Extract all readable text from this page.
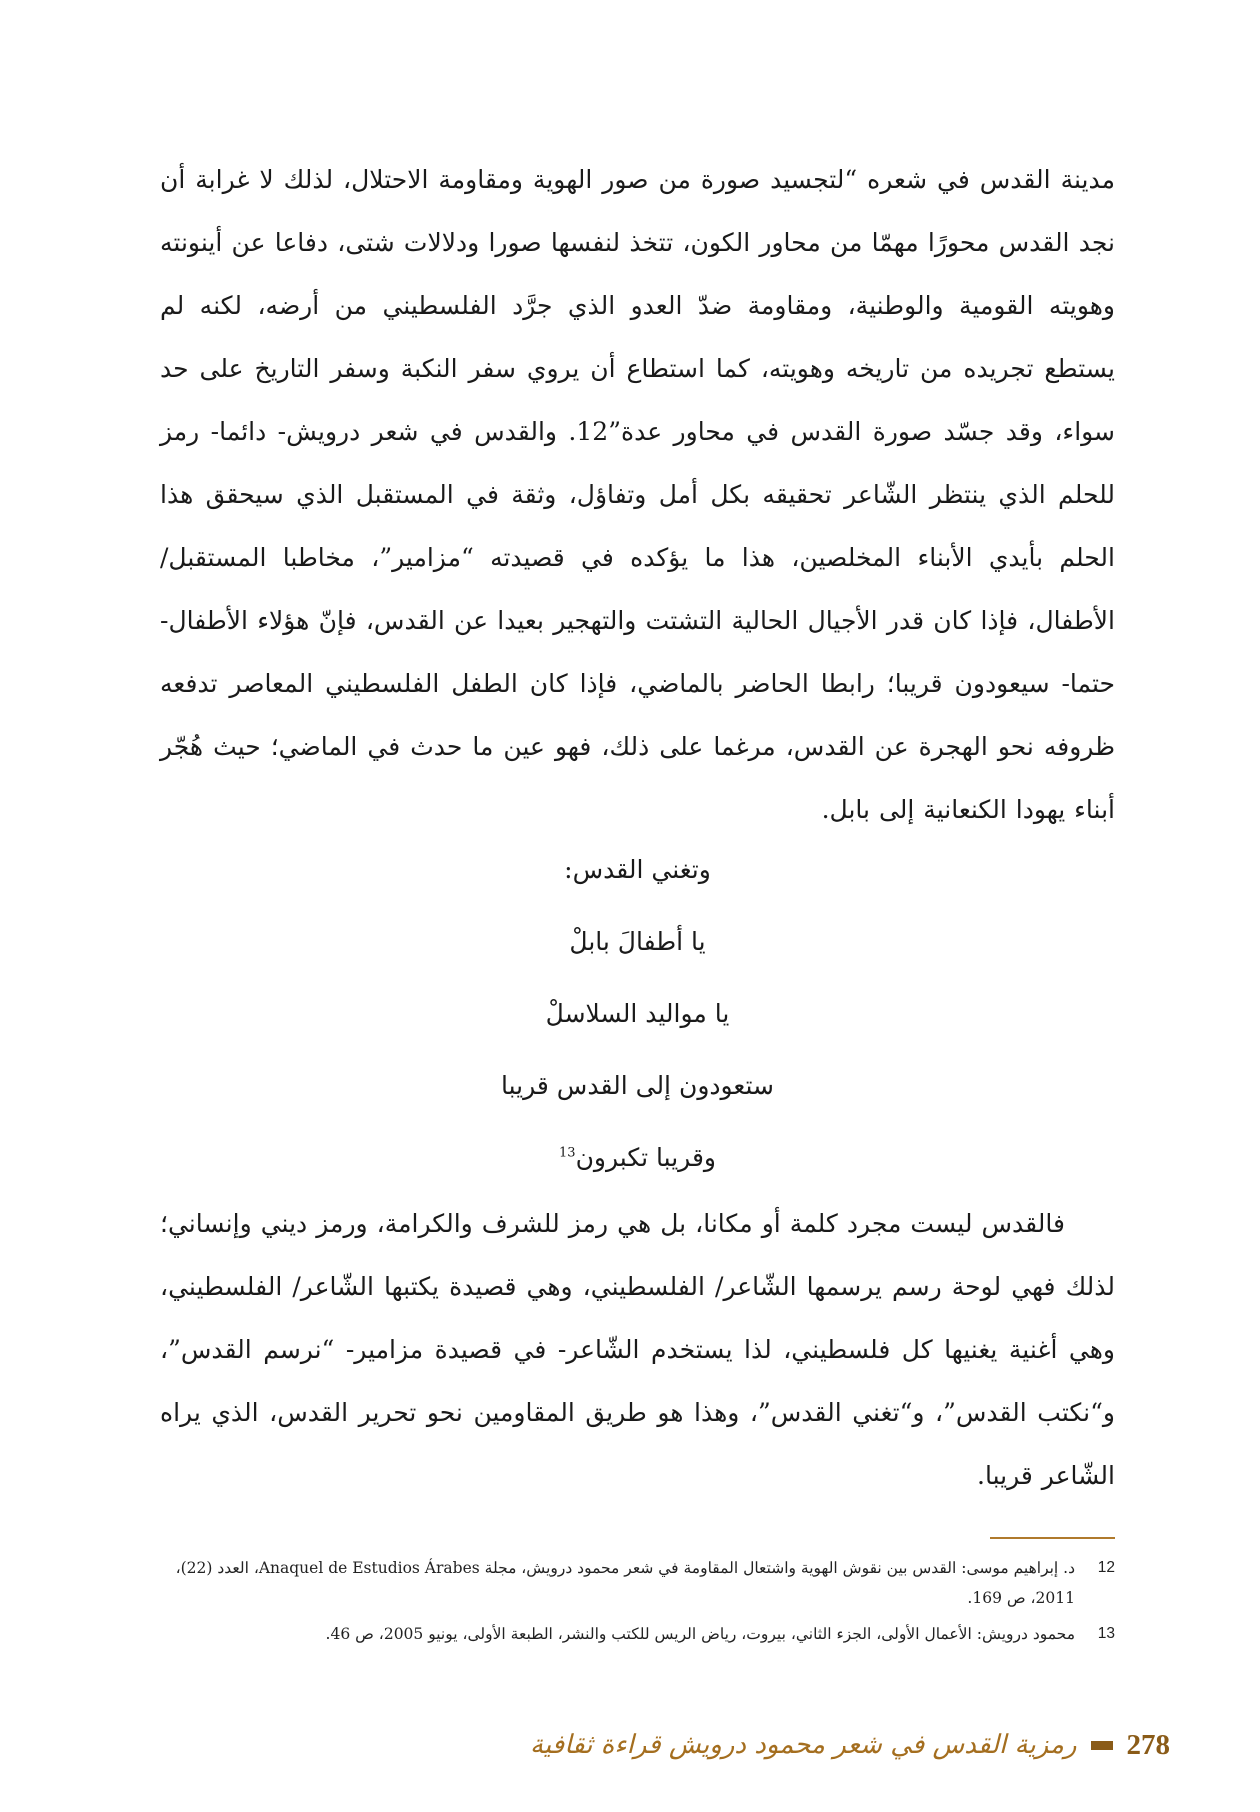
مدينة القدس في شعره “لتجسيد صورة من صور الهوية ومقاومة الاحتلال، لذلك لا غرابة أن نجد القدس محورًا مهمّا من محاور الكون، تتخذ لنفسها صورا ودلالات شتى، دفاعا عن أينونته وهويته القومية والوطنية، ومقاومة ضدّ العدو الذي جرَّد الفلسطيني من أرضه، لكنه لم يستطع تجريده من تاريخه وهويته، كما استطاع أن يروي سفر النكبة وسفر التاريخ على حد سواء، وقد جسّد صورة القدس في محاور عدة”12. والقدس في شعر درويش- دائما- رمز للحلم الذي ينتظر الشّاعر تحقيقه بكل أمل وتفاؤل، وثقة في المستقبل الذي سيحقق هذا الحلم بأيدي الأبناء المخلصين، هذا ما يؤكده في قصيدته “مزامير”، مخاطبا المستقبل/ الأطفال، فإذا كان قدر الأجيال الحالية التشتت والتهجير بعيدا عن القدس، فإنّ هؤلاء الأطفال- حتما- سيعودون قريبا؛ رابطا الحاضر بالماضي، فإذا كان الطفل الفلسطيني المعاصر تدفعه ظروفه نحو الهجرة عن القدس، مرغما على ذلك، فهو عين ما حدث في الماضي؛ حيث هُجّر أبناء يهودا الكنعانية إلى بابل.

وتغني القدس:
يا أطفالَ بابلْ
يا مواليد السلاسلْ
ستعودون إلى القدس قريبا
وقريبا تكبرون$^{13}$

فالقدس ليست مجرد كلمة أو مكانا، بل هي رمز للشرف والكرامة، ورمز ديني وإنساني؛ لذلك فهي لوحة رسم يرسمها الشّاعر/ الفلسطيني، وهي قصيدة يكتبها الشّاعر/ الفلسطيني، وهي أغنية يغنيها كل فلسطيني، لذا يستخدم الشّاعر- في قصيدة مزامير- “نرسم القدس”، و“نكتب القدس”، و“تغني القدس”، وهذا هو طريق المقاومين نحو تحرير القدس، الذي يراه الشّاعر قريبا.

12
د. إبراهيم موسى: القدس بين نقوش الهوية واشتعال المقاومة في شعر محمود درويش، مجلة Anaquel de Estudios Árabes، العدد (22)، 2011، ص 169.
13
محمود درويش: الأعمال الأولى، الجزء الثاني، بيروت، رياض الريس للكتب والنشر، الطبعة الأولى، يونيو 2005، ص 46.
رمزية القدس في شعر محمود درويش قراءة ثقافية 278
